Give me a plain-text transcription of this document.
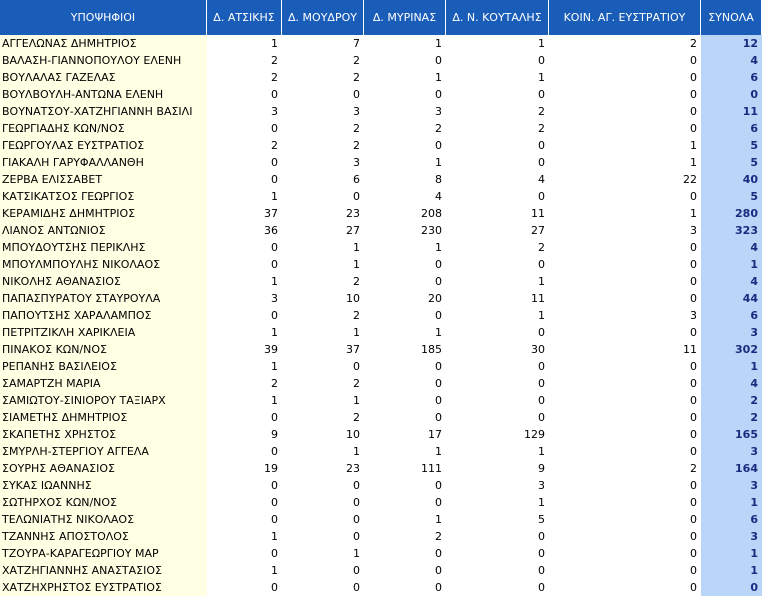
ΥΠΟΨΗΦΙΟΙ	Δ. ΑΤΣΙΚΗΣ	Δ. ΜΟΥΔΡΟΥ	Δ. ΜΥΡΙΝΑΣ	Δ. Ν. ΚΟΥΤΑΛΗΣ	ΚΟΙΝ. ΑΓ. ΕΥΣΤΡΑΤΙΟΥ	ΣΥΝΟΛΑ
ΑΓΓΕΛΩΝΑΣ ΔΗΜΗΤΡΙΟΣ	1	7	1	1	2	12
ΒΑΛΑΣΗ-ΓΙΑΝΝΟΠΟΥΛΟΥ ΕΛΕΝΗ	2	2	0	0	0	4
ΒΟΥΛΑΛΑΣ ΓΑΖΕΛΑΣ	2	2	1	1	0	6
ΒΟΥΛΒΟΥΛΗ-ΑΝΤΩΝΑ ΕΛΕΝΗ	0	0	0	0	0	0
ΒΟΥΝΑΤΣΟΥ-ΧΑΤΖΗΓΙΑΝΝΗ ΒΑΣΙΛΙ	3	3	3	2	0	11
ΓΕΩΡΓΙΑΔΗΣ ΚΩΝ/ΝΟΣ	0	2	2	2	0	6
ΓΕΩΡΓΟΥΛΑΣ ΕΥΣΤΡΑΤΙΟΣ	2	2	0	0	1	5
ΓΙΑΚΑΛΗ ΓΑΡΥΦΑΛΛΑΝΘΗ	0	3	1	0	1	5
ΖΕΡΒΑ ΕΛΙΣΣΑΒΕΤ	0	6	8	4	22	40
ΚΑΤΣΙΚΑΤΣΟΣ ΓΕΩΡΓΙΟΣ	1	0	4	0	0	5
ΚΕΡΑΜΙΔΗΣ ΔΗΜΗΤΡΙΟΣ	37	23	208	11	1	280
ΛΙΑΝΟΣ ΑΝΤΩΝΙΟΣ	36	27	230	27	3	323
ΜΠΟΥΔΟΥΤΣΗΣ ΠΕΡΙΚΛΗΣ	0	1	1	2	0	4
ΜΠΟΥΛΜΠΟΥΛΗΣ ΝΙΚΟΛΑΟΣ	0	1	0	0	0	1
ΝΙΚΟΛΗΣ ΑΘΑΝΑΣΙΟΣ	1	2	0	1	0	4
ΠΑΠΑΣΠΥΡΑΤΟΥ ΣΤΑΥΡΟΥΛΑ	3	10	20	11	0	44
ΠΑΠΟΥΤΣΗΣ ΧΑΡΑΛΑΜΠΟΣ	0	2	0	1	3	6
ΠΕΤΡΙΤΖΙΚΛΗ ΧΑΡΙΚΛΕΙΑ	1	1	1	0	0	3
ΠΙΝΑΚΟΣ ΚΩΝ/ΝΟΣ	39	37	185	30	11	302
ΡΕΠΑΝΗΣ ΒΑΣΙΛΕΙΟΣ	1	0	0	0	0	1
ΣΑΜΑΡΤΖΗ ΜΑΡΙΑ	2	2	0	0	0	4
ΣΑΜΙΩΤΟΥ-ΣΙΝΙΟΡΟΥ ΤΑΞΙΑΡΧ	1	1	0	0	0	2
ΣΙΑΜΕΤΗΣ ΔΗΜΗΤΡΙΟΣ	0	2	0	0	0	2
ΣΚΑΠΕΤΗΣ ΧΡΗΣΤΟΣ	9	10	17	129	0	165
ΣΜΥΡΛΗ-ΣΤΕΡΓΙΟΥ ΑΓΓΕΛΑ	0	1	1	1	0	3
ΣΟΥΡΗΣ ΑΘΑΝΑΣΙΟΣ	19	23	111	9	2	164
ΣΥΚΑΣ ΙΩΑΝΝΗΣ	0	0	0	3	0	3
ΣΩΤΗΡΧΟΣ ΚΩΝ/ΝΟΣ	0	0	0	1	0	1
ΤΕΛΩΝΙΑΤΗΣ ΝΙΚΟΛΑΟΣ	0	0	1	5	0	6
ΤΖΑΝΝΗΣ ΑΠΟΣΤΟΛΟΣ	1	0	2	0	0	3
ΤΖΟΥΡΑ-ΚΑΡΑΓΕΩΡΓΙΟΥ ΜΑΡ	0	1	0	0	0	1
ΧΑΤΖΗΓΙΑΝΝΗΣ ΑΝΑΣΤΑΣΙΟΣ	1	0	0	0	0	1
ΧΑΤΖΗΧΡΗΣΤΟΣ ΕΥΣΤΡΑΤΙΟΣ	0	0	0	0	0	0
